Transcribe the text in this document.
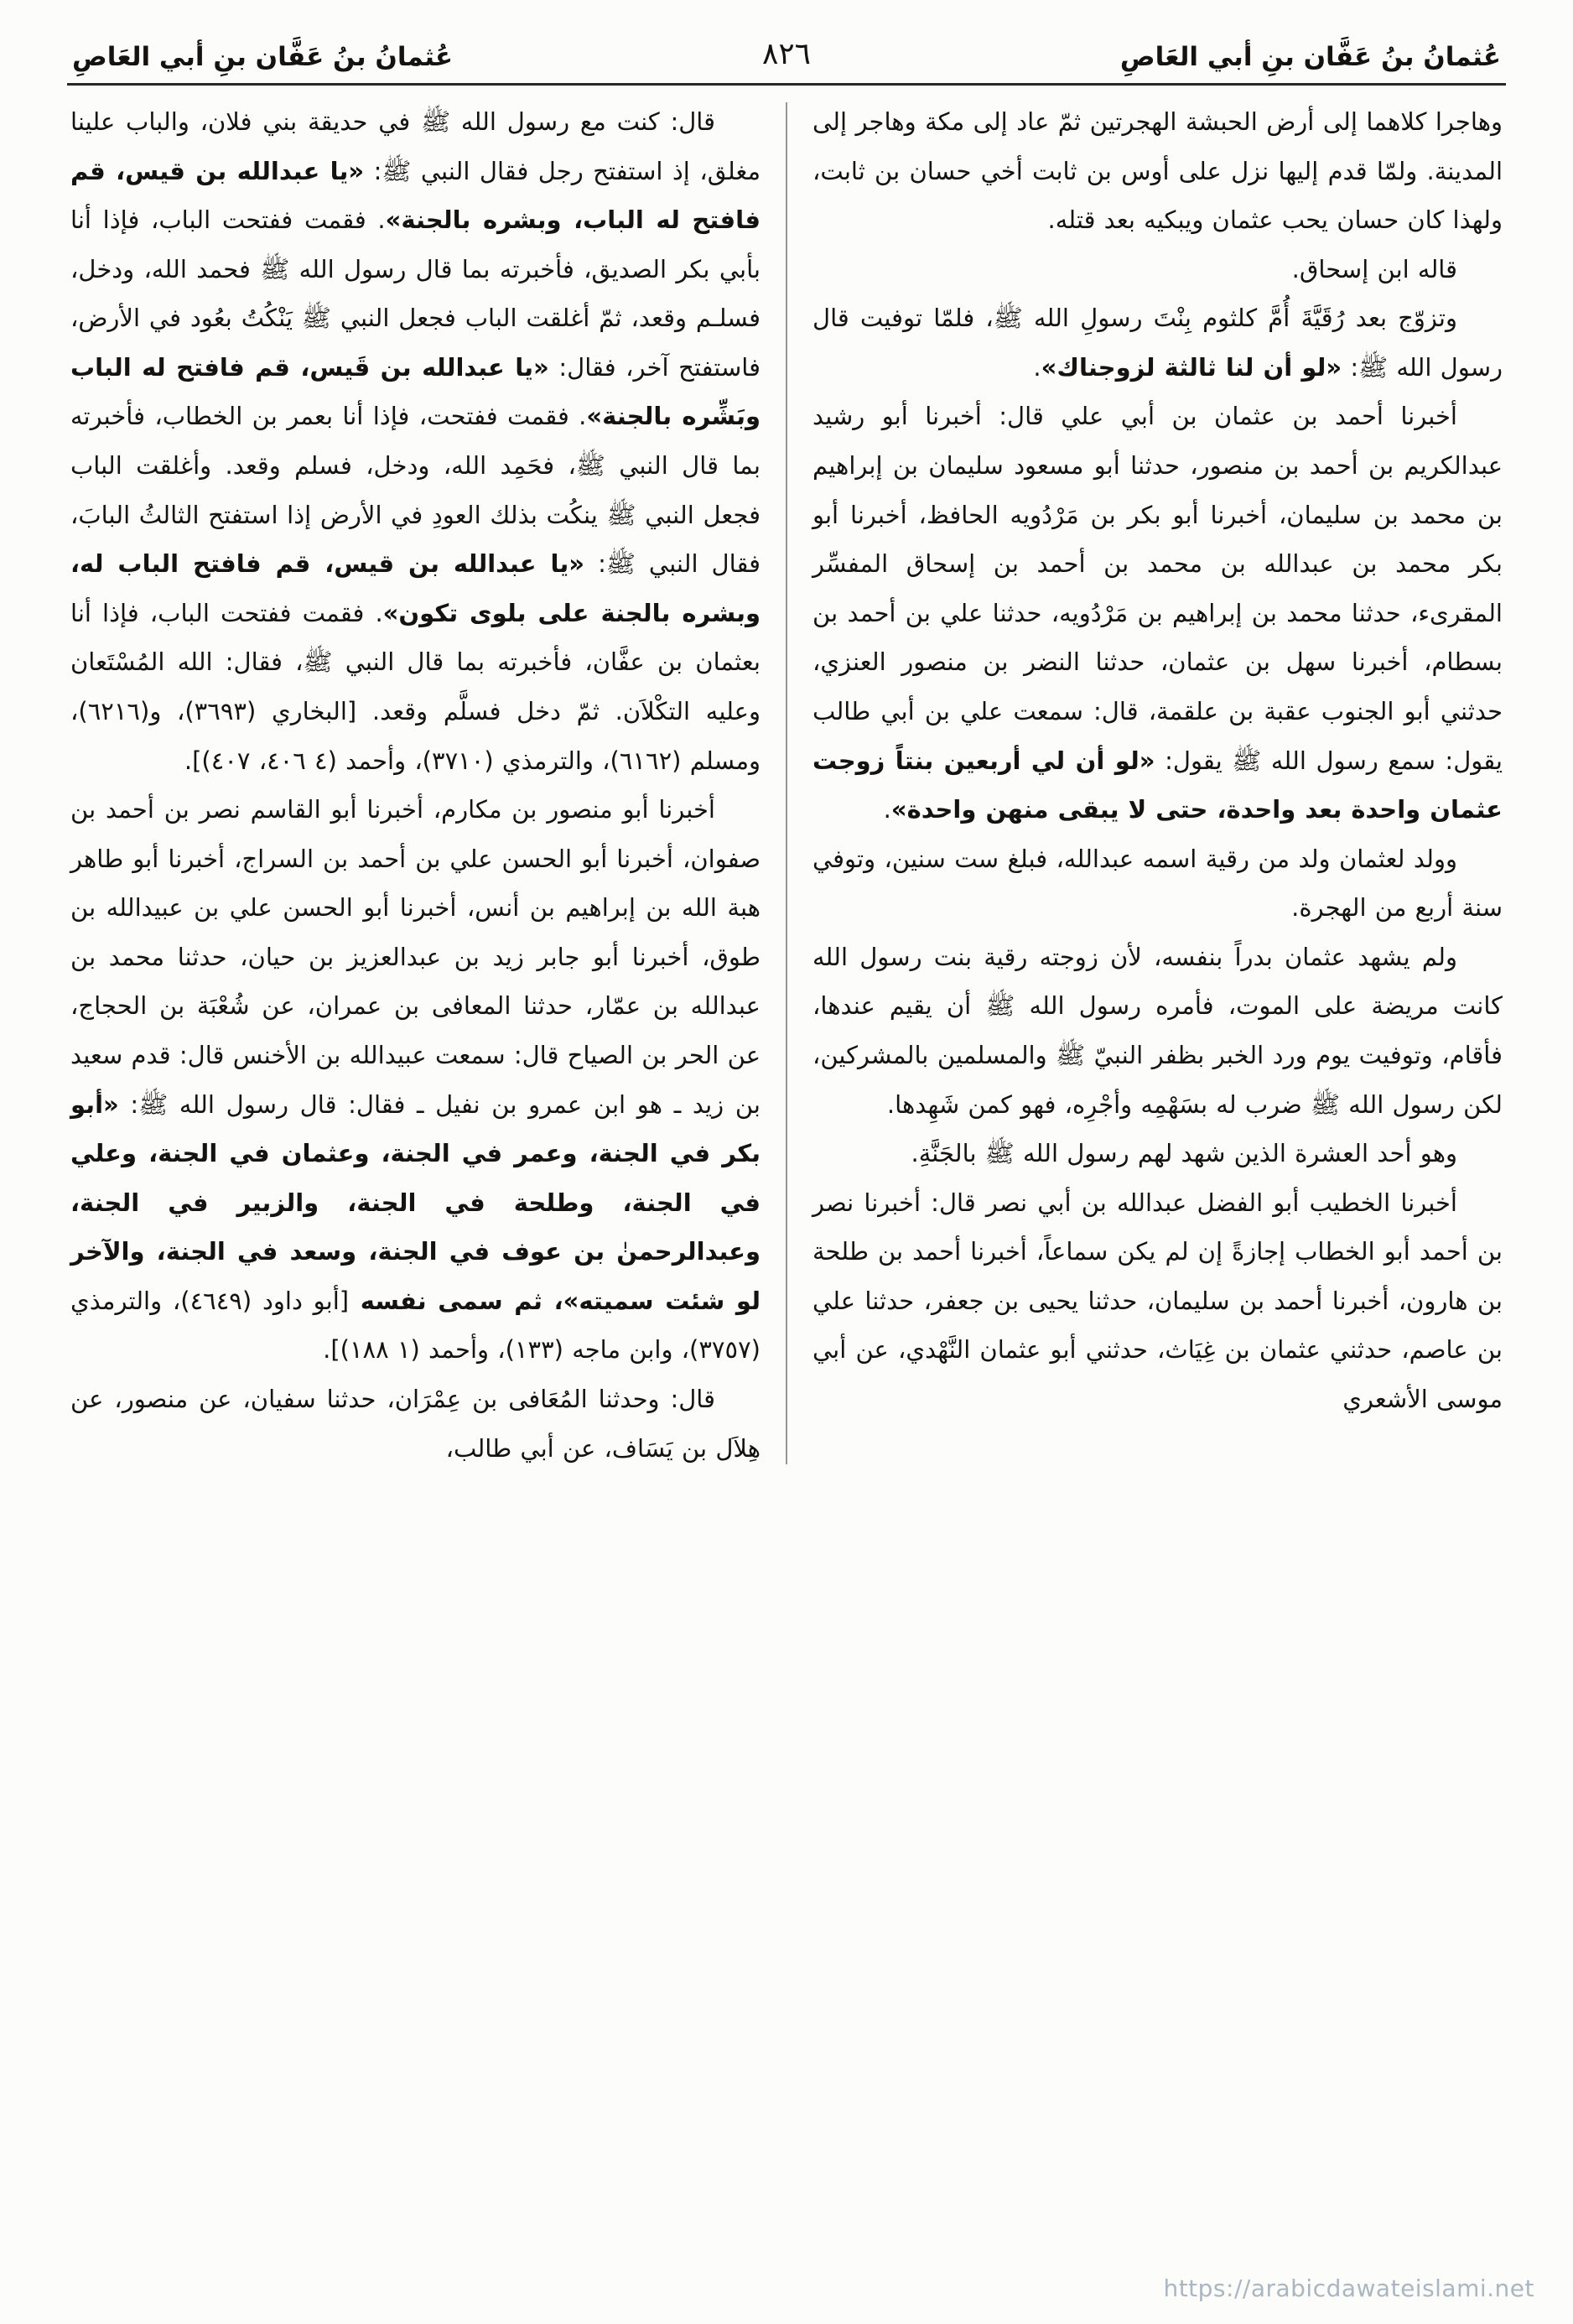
عُثمانُ بنُ عَفَّان بنِ أبي العَاصِ
٨٢٦
عُثمانُ بنُ عَفَّان بنِ أبي العَاصِ

وهاجرا كلاهما إلى أرض الحبشة الهجرتين ثمّ عاد إلى مكة وهاجر إلى المدينة. ولمّا قدم إليها نزل على أوس بن ثابت أخي حسان بن ثابت، ولهذا كان حسان يحب عثمان ويبكيه بعد قتله.

قاله ابن إسحاق.

وتزوّج بعد رُقَيَّةَ أُمَّ كلثوم بِنْتَ رسولِ الله ﷺ، فلمّا توفيت قال رسول الله ﷺ: «لو أن لنا ثالثة لزوجناك».

أخبرنا أحمد بن عثمان بن أبي علي قال: أخبرنا أبو رشيد عبدالكريم بن أحمد بن منصور، حدثنا أبو مسعود سليمان بن إبراهيم بن محمد بن سليمان، أخبرنا أبو بكر بن مَرْدُويه الحافظ، أخبرنا أبو بكر محمد بن عبدالله بن محمد بن أحمد بن إسحاق المفسِّر المقرىء، حدثنا محمد بن إبراهيم بن مَرْدُويه، حدثنا علي بن أحمد بن بسطام، أخبرنا سهل بن عثمان، حدثنا النضر بن منصور العنزي، حدثني أبو الجنوب عقبة بن علقمة، قال: سمعت علي بن أبي طالب يقول: سمع رسول الله ﷺ يقول: «لو أن لي أربعين بنتاً زوجت عثمان واحدة بعد واحدة، حتى لا يبقى منهن واحدة».

وولد لعثمان ولد من رقية اسمه عبدالله، فبلغ ست سنين، وتوفي سنة أربع من الهجرة.

ولم يشهد عثمان بدراً بنفسه، لأن زوجته رقية بنت رسول الله كانت مريضة على الموت، فأمره رسول الله ﷺ أن يقيم عندها، فأقام، وتوفيت يوم ورد الخبر بظفر النبيّ ﷺ والمسلمين بالمشركين، لكن رسول الله ﷺ ضرب له بسَهْمِه وأجْرِه، فهو كمن شَهِدها.

وهو أحد العشرة الذين شهد لهم رسول الله ﷺ بالجَنَّةِ.

أخبرنا الخطيب أبو الفضل عبدالله بن أبي نصر قال: أخبرنا نصر بن أحمد أبو الخطاب إجازةً إن لم يكن سماعاً، أخبرنا أحمد بن طلحة بن هارون، أخبرنا أحمد بن سليمان، حدثنا يحيى بن جعفر، حدثنا علي بن عاصم، حدثني عثمان بن غِيَاث، حدثني أبو عثمان النَّهْدي، عن أبي موسى الأشعري

قال: كنت مع رسول الله ﷺ في حديقة بني فلان، والباب علينا مغلق، إذ استفتح رجل فقال النبي ﷺ: «يا عبدالله بن قيس، قم فافتح له الباب، وبشره بالجنة». فقمت ففتحت الباب، فإذا أنا بأبي بكر الصديق، فأخبرته بما قال رسول الله ﷺ فحمد الله، ودخل، فسلـم وقعد، ثمّ أغلقت الباب فجعل النبي ﷺ يَنْكُتُ بعُود في الأرض، فاستفتح آخر، فقال: «يا عبدالله بن قَيس، قم فافتح له الباب وبَشِّره بالجنة». فقمت ففتحت، فإذا أنا بعمر بن الخطاب، فأخبرته بما قال النبي ﷺ، فحَمِد الله، ودخل، فسلم وقعد. وأغلقت الباب فجعل النبي ﷺ ينكُت بذلك العودِ في الأرض إذا استفتح الثالثُ البابَ، فقال النبي ﷺ: «يا عبدالله بن قيس، قم فافتح الباب له، وبشره بالجنة على بلوى تكون». فقمت ففتحت الباب، فإذا أنا بعثمان بن عفَّان، فأخبرته بما قال النبي ﷺ، فقال: الله المُسْتَعان وعليه التكْلاَن. ثمّ دخل فسلَّم وقعد. [البخاري (٣٦٩٣)، و(٦٢١٦)، ومسلم (٦١٦٢)، والترمذي (٣٧١٠)، وأحمد (٤ ٤٠٦، ٤٠٧)].

أخبرنا أبو منصور بن مكارم، أخبرنا أبو القاسم نصر بن أحمد بن صفوان، أخبرنا أبو الحسن علي بن أحمد بن السراج، أخبرنا أبو طاهر هبة الله بن إبراهيم بن أنس، أخبرنا أبو الحسن علي بن عبيدالله بن طوق، أخبرنا أبو جابر زيد بن عبدالعزيز بن حيان، حدثنا محمد بن عبدالله بن عمّار، حدثنا المعافى بن عمران، عن شُعْبَة بن الحجاج، عن الحر بن الصياح قال: سمعت عبيدالله بن الأخنس قال: قدم سعيد بن زيد ـ هو ابن عمرو بن نفيل ـ فقال: قال رسول الله ﷺ: «أبو بكر في الجنة، وعمر في الجنة، وعثمان في الجنة، وعلي في الجنة، وطلحة في الجنة، والزبير في الجنة، وعبدالرحمنٰ بن عوف في الجنة، وسعد في الجنة، والآخر لو شئت سميته»، ثم سمى نفسه [أبو داود (٤٦٤٩)، والترمذي (٣٧٥٧)، وابن ماجه (١٣٣)، وأحمد (١ ١٨٨)].

قال: وحدثنا المُعَافى بن عِمْرَان، حدثنا سفيان، عن منصور، عن هِلاَل بن يَسَاف، عن أبي طالب،

https://arabicdawateislami.net
